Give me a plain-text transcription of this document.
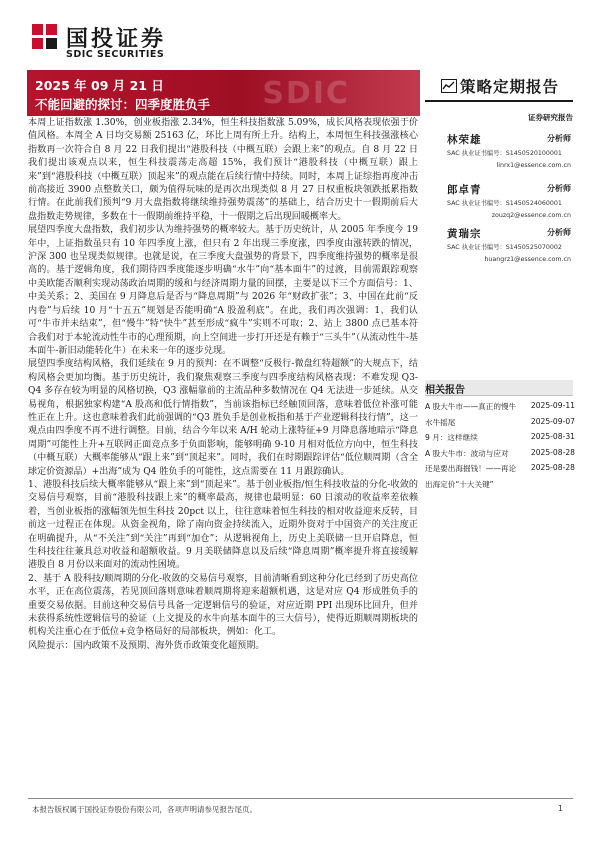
国投证券
SDIC SECURITIES
SDIC
2025 年 09 月 21 日
不能回避的探讨：四季度胜负手
策略定期报告

本周上证指数涨 1.30%，创业板指涨 2.34%，恒生科技指数涨 5.09%，成长风格表现依强于价值风格。本周全 A 日均交易额 25163 亿，环比上周有所上升。结构上，本周恒生科技强涨核心指数再一次符合自 8 月 22 日我们提出“港股科技（中概互联）会跟上来”的观点。自 8 月 22 日我们提出该观点以来，恒生科技震荡走高超 15%，我们预计“港股科技（中概互联）跟上来”到“港股科技（中概互联）顶起来”的观点能在后续行情中持续。同时，本周上证综指再度冲击前高接近 3900 点整数关口，颇为值得玩味的是再次出现类似 8 月 27 日权重板块领跌抵累指数行情。在此前我们预判“9 月大盘指数将继续维持强势震荡”的基础上，结合历史十一假期前后大盘指数走势规律，多数在十一假期前维持平稳，十一假期之后出现回暖概率大。

展望四季度大盘指数，我们初步认为维持强势的概率较大。基于历史统计，从 2005 年季度今 19 年中，上证指数虽只有 10 年四季度上涨，但只有 2 年出现三季度涨，四季度由涨转跌的情况，沪深 300 也呈现类似规律。也就是说，在三季度大盘强势的背景下，四季度维持强势的概率是很高的。基于逻辑角度，我们期待四季度能逐步明确“水牛”向“基本面牛”的过渡，目前需跟踪观察中美欧能否顺利实现动荡政治周期的缓和与经济周期力量的回摆，主要是以下三个方面信号：1、中美关系；2、美国在 9 月降息后是否与“降息周期”与 2026 年“财政扩张”；3、中国在此前“反内卷”与后续 10 月“十五五”规划是否能明确“A 股盈利底”。在此，我们再次强调：1、我们认可“牛市并未结束”，但“慢牛”特“快牛”甚至形成“疯牛”实则不可取；2、站上 3800 点已基本符合我们对于本轮流动性牛市的心理预期，向上空间进一步打开还是有赖于“三头牛”（从流动性牛-基本面牛-新旧动能转化牛）在未来一年的逐步兑现。

展望四季度结构风格，我们延续在 9 月的预判：在不调整“反极行-微盘红特超额”的大规点下，结构风格会更加均衡。基于历史统计，我们聚焦观察三季度与四季度结构风格表现：不难发现 Q3-Q4 多存在较为明显的风格切换，Q3 涨幅靠前的主流品种多数情况在 Q4 无法进一步延续。从交易视角，根据独家构建“A 股高和低行情指数”，当前该指标已经触顶回落，意味着低位补涨可能性正在上升。这也意味着我们此前强调的“Q3 胜负手是创业板指和基于产业逻辑科技行情”，这一观点由四季度不再不进行调整。目前，结合今年以来 A/H 轮动上涨特征+9 月降息落地暗示“降息周期”可能性上升+互联网正面竞点多于负面影响，能够明确 9-10 月相对低位方向中，恒生科技（中概互联）大概率能够从“跟上来”到“顶起来”。同时，我们在时期跟踪评估“低位顺周期（含全球定价资源品）+出海”成为 Q4 胜负手的可能性，这点需要在 11 月跟踪确认。

1、港股科技后续大概率能够从“跟上来”到“顶起来”。基于创业板指/恒生科技收益的分化-收敛的交易信号观察，目前“港股科技跟上来”的概率最高，规律也最明显：60 日滚动的收益率差依赖着，当创业板指的涨幅领先恒生科技 20pct 以上，往往意味着恒生科技的相对收益迎来反转，目前这一过程正在体现。从资金视角，除了南向资金持续流入，近期外资对于中国资产的关注度正在明确提升，从“不关注”到“关注”再到“加仓”；从逻辑视角上，历史上美联储一旦开启降息，恒生科技往往兼具总对收益和超额收益。9 月美联储降息以及后续“降息周期”概率提升将直接缓解港股自 8 月份以来面对的流动性困境。

2、基于 A 股科技/顺周期的分化-收敛的交易信号观察，目前清晰看到这种分化已经到了历史高位水平，正在高位震荡，若见顶回落则意味着顺周期将迎来超额机遇，这是对应 Q4 形成胜负手的重要交易依据。目前这种交易信号具备一定逻辑信号的验证，对应近期 PPI 出现环比回升，但并未获得系统性逻辑信号的验证（上文提及的水牛向基本面牛的三大信号），使得近期顺周期板块的机构关注重心在于低位+竞争格局好的局部板块，例如：化工。

风险提示：国内政策不及预期、海外货币政策变化超预期。

证券研究报告
林荣雄	分析师
SAC 执业证书编号：S1450520100001
linrx1@essence.com.cn
郎卓青	分析师
SAC 执业证书编号：S1450524060001
zouzq2@essence.com.cn
黄瑞宗	分析师
SAC 执业证书编号：S1450525070002
huangrz1@essence.com.cn
相关报告
A 股大牛市——真正的慢牛 2025-09-11
水牛摇尾	2025-09-07
9 月：这样继续	2025-08-31
A 股大牛市：波动与应对	2025-08-28
还是要出海掘钱！——再论 2025-08-28
出海定价“十大关键”
本报告版权属于国投证券股份有限公司，各项声明请参见报告尾页。	1
